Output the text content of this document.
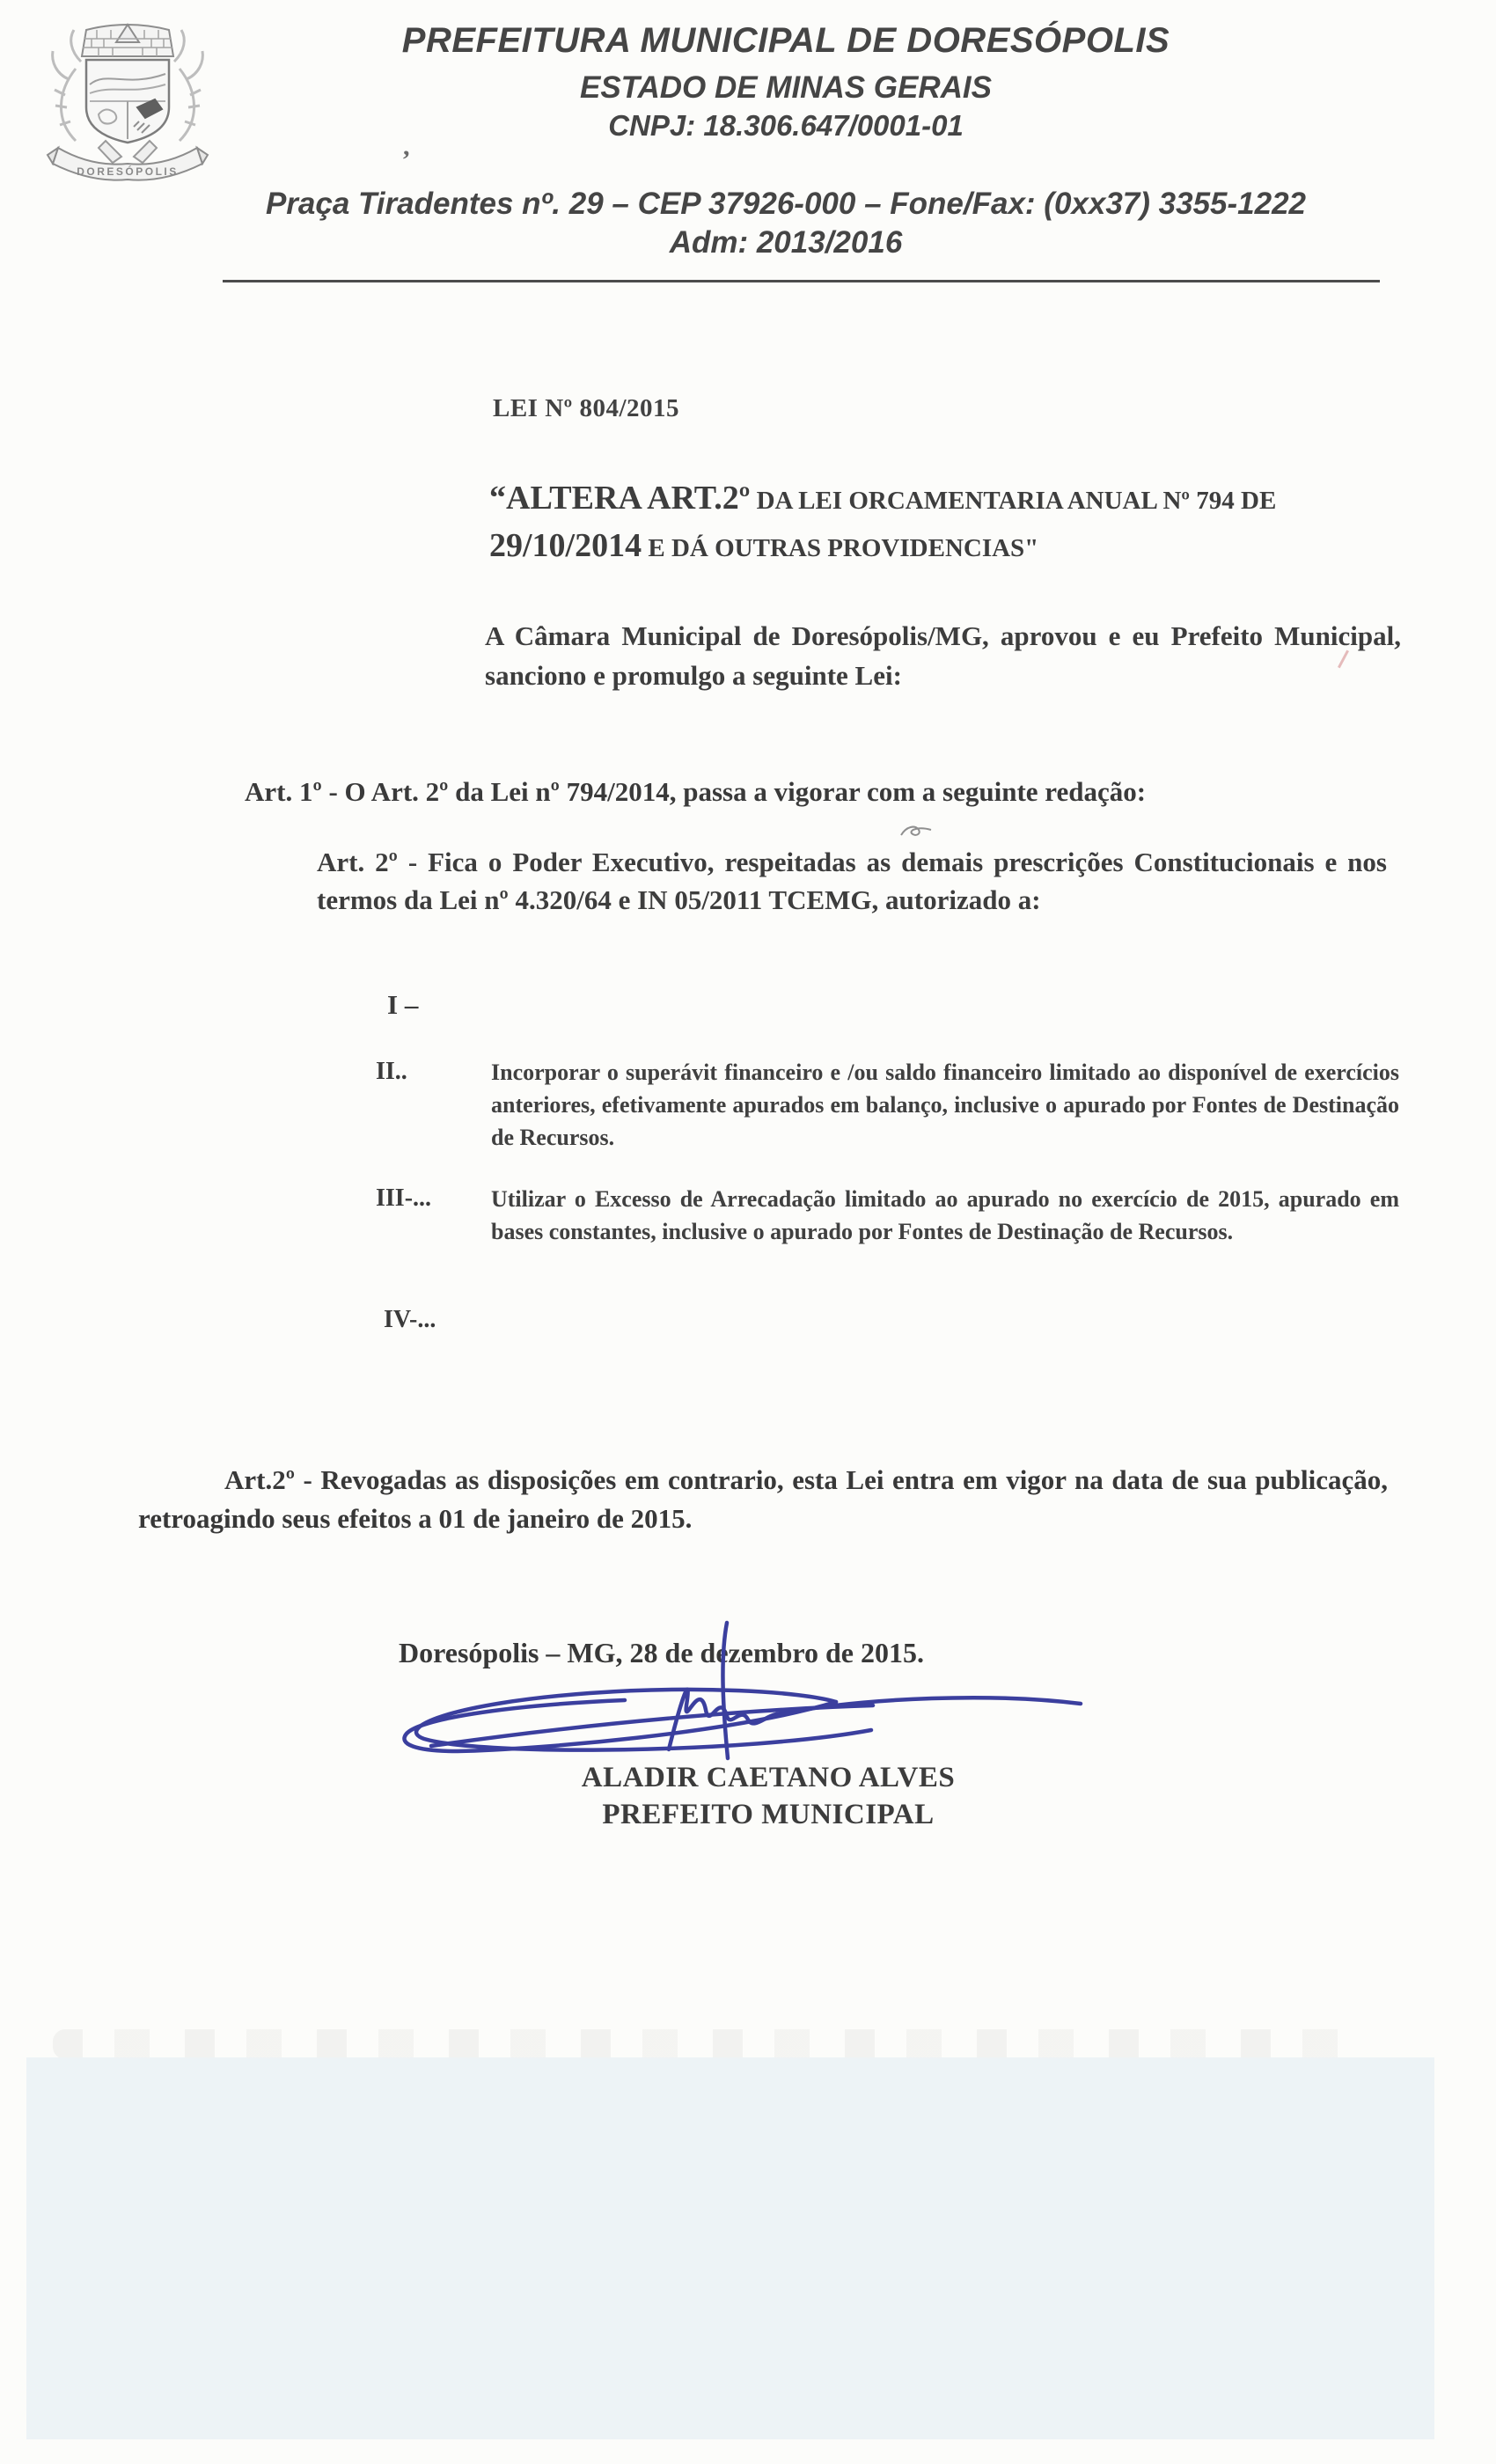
DORESÓPOLIS
PREFEITURA MUNICIPAL DE DORESÓPOLIS
ESTADO DE MINAS GERAIS
CNPJ: 18.306.647/0001-01
Praça Tiradentes nº. 29 – CEP 37926-000 – Fone/Fax: (0xx37) 3355-1222
Adm: 2013/2016
,
LEI Nº 804/2015
“ALTERA ART.2º DA LEI ORCAMENTARIA ANUAL Nº 794 DE
29/10/2014 E DÁ OUTRAS PROVIDENCIAS"
A Câmara Municipal de Doresópolis/MG, aprovou e eu Prefeito Municipal, sanciono e promulgo a seguinte Lei:
Art. 1º - O Art. 2º da Lei nº 794/2014, passa a vigorar com a seguinte redação:
Art. 2º - Fica o Poder Executivo, respeitadas as demais prescrições Constitucionais e nos termos da Lei nº 4.320/64 e IN 05/2011 TCEMG, autorizado a:
I –
II..	Incorporar o superávit financeiro e /ou saldo financeiro limitado ao disponível de exercícios anteriores, efetivamente apurados em balanço, inclusive o apurado por Fontes de Destinação de Recursos.
III-...	Utilizar o Excesso de Arrecadação limitado ao apurado no exercício de 2015, apurado em bases constantes, inclusive o apurado por Fontes de Destinação de Recursos.
IV-...
Art.2º - Revogadas as disposições em contrario, esta Lei entra em vigor na data de sua publicação, retroagindo seus efeitos a 01 de janeiro de 2015.
Doresópolis – MG, 28 de dezembro de 2015.
ALADIR CAETANO ALVES
PREFEITO MUNICIPAL
